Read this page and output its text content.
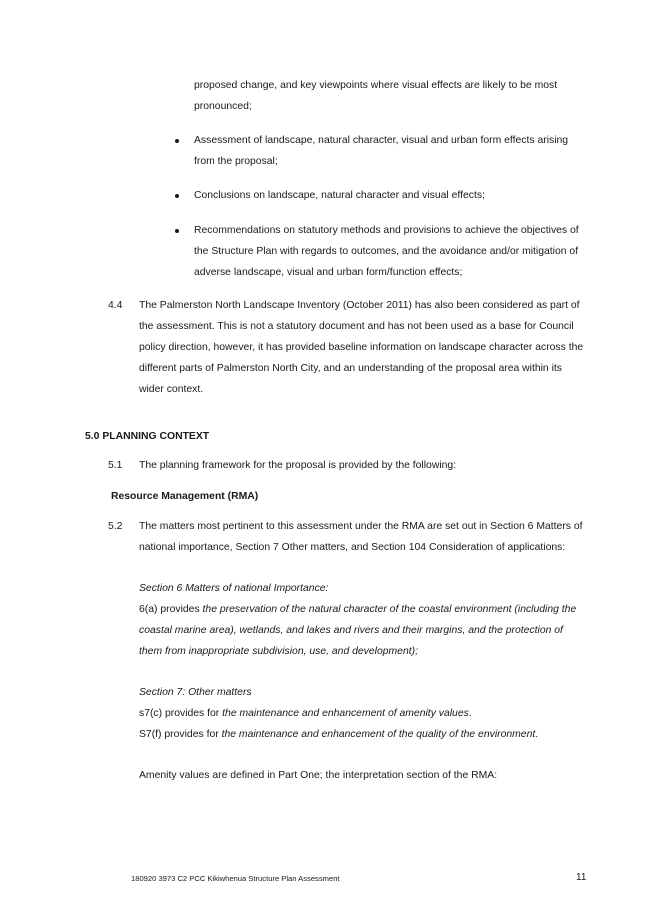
proposed change, and key viewpoints where visual effects are likely to be most
pronounced;
Assessment of landscape, natural character, visual and urban form effects arising
from the proposal;
Conclusions on landscape, natural character and visual effects;
Recommendations on statutory methods and provisions to achieve the objectives of
the Structure Plan with regards to outcomes, and the avoidance and/or mitigation of
adverse landscape, visual and urban form/function effects;
4.4 The Palmerston North Landscape Inventory (October 2011) has also been considered as part of
the assessment. This is not a statutory document and has not been used as a base for Council
policy direction, however, it has provided baseline information on landscape character across the
different parts of Palmerston North City, and an understanding of the proposal area within its
wider context.
5.0 PLANNING CONTEXT
5.1 The planning framework for the proposal is provided by the following:
Resource Management (RMA)
5.2 The matters most pertinent to this assessment under the RMA are set out in Section 6 Matters of
national importance, Section 7 Other matters, and Section 104 Consideration of applications:
Section 6 Matters of national Importance:
6(a) provides the preservation of the natural character of the coastal environment (including the
coastal marine area), wetlands, and lakes and rivers and their margins, and the protection of
them from inappropriate subdivision, use, and development);
Section 7: Other matters
s7(c) provides for the maintenance and enhancement of amenity values.
S7(f) provides for the maintenance and enhancement of the quality of the environment.
Amenity values are defined in Part One; the interpretation section of the RMA:
180920 3973 C2 PCC Kikiwhenua Structure Plan Assessment	11
